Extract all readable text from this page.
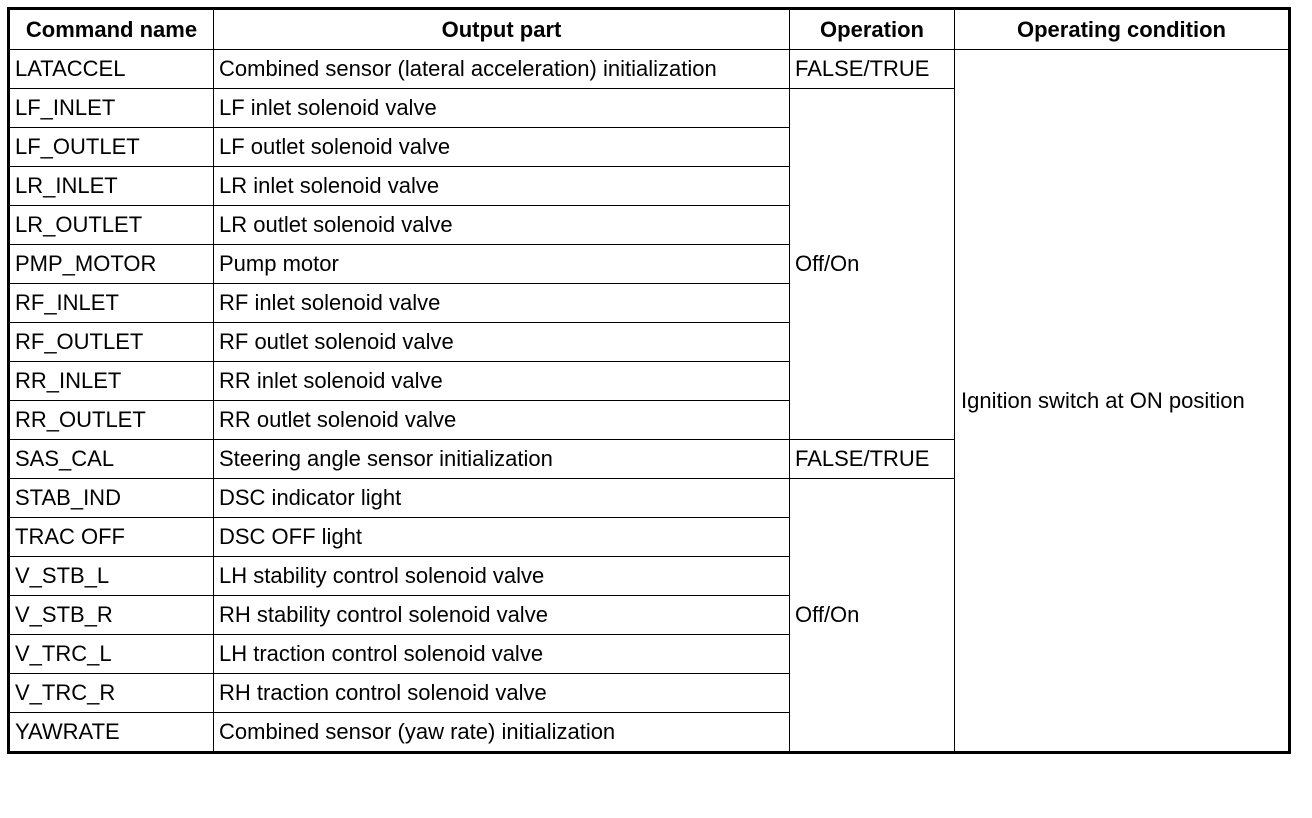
Command name	Output part	Operation	Operating condition
LATACCEL	Combined sensor (lateral acceleration) initialization	FALSE/TRUE	Ignition switch at ON position
LF_INLET	LF inlet solenoid valve	Off/On	
LF_OUTLET	LF outlet solenoid valve		
LR_INLET	LR inlet solenoid valve		
LR_OUTLET	LR outlet solenoid valve		
PMP_MOTOR	Pump motor		
RF_INLET	RF inlet solenoid valve		
RF_OUTLET	RF outlet solenoid valve		
RR_INLET	RR inlet solenoid valve		
RR_OUTLET	RR outlet solenoid valve		
SAS_CAL	Steering angle sensor initialization	FALSE/TRUE	
STAB_IND	DSC indicator light	Off/On	
TRAC OFF	DSC OFF light		
V_STB_L	LH stability control solenoid valve		
V_STB_R	RH stability control solenoid valve		
V_TRC_L	LH traction control solenoid valve		
V_TRC_R	RH traction control solenoid valve		
YAWRATE	Combined sensor (yaw rate) initialization		
